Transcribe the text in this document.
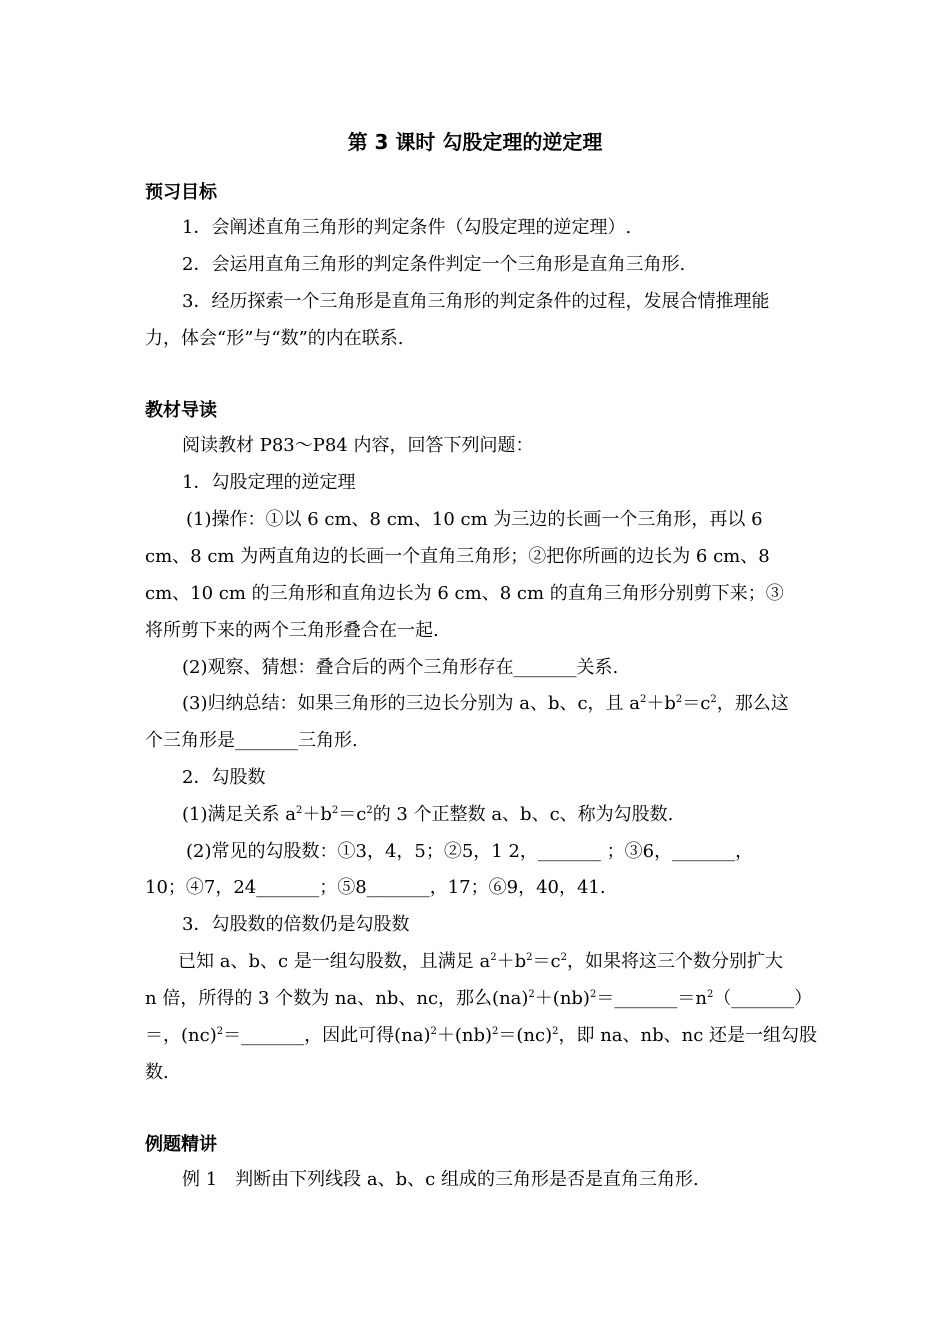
第 3 课时 勾股定理的逆定理
预习目标
1．会阐述直角三角形的判定条件（勾股定理的逆定理）.
2．会运用直角三角形的判定条件判定一个三角形是直角三角形.
3．经历探索一个三角形是直角三角形的判定条件的过程，发展合情推理能
力，体会“形”与“数”的内在联系.
教材导读
阅读教材 P83～P84 内容，回答下列问题：
1．勾股定理的逆定理
(1)操作：①以 6 cm、8 cm、10 cm 为三边的长画一个三角形，再以 6
cm、8 cm 为两直角边的长画一个直角三角形；②把你所画的边长为 6 cm、8
cm、10 cm 的三角形和直角边长为 6 cm、8 cm 的直角三角形分别剪下来；③
将所剪下来的两个三角形叠合在一起.
(2)观察、猜想：叠合后的两个三角形存在_______关系.
(3)归纳总结：如果三角形的三边长分别为 a、b、c，且 $a^2+b^2=c^2$，那么这
个三角形是_______三角形.
2．勾股数
(1)满足关系 $a^2+b^2=c^2$的 3 个正整数 a、b、c、称为勾股数.
(2)常见的勾股数：①3，4，5；②5，1 2，_______ ；③6，_______，
10；④7，24_______；⑤8_______，17；⑥9，40，41.
3．勾股数的倍数仍是勾股数
已知 a、b、c 是一组勾股数，且满足 $a^2+b^2=c^2$，如果将这三个数分别扩大
n 倍，所得的 3 个数为 na、nb、nc，那么$(na)^2+(nb)^2=\_\_\_\_\_\_\_=n^2(\_\_\_\_\_\_\_)$
＝，(nc)$^2$＝_______，因此可得(na)$^2$＋(nb)$^2$＝(nc)$^2$，即 na、nb、nc 还是一组勾股
数.
例题精讲
例 1　判断由下列线段 a、b、c 组成的三角形是否是直角三角形.
